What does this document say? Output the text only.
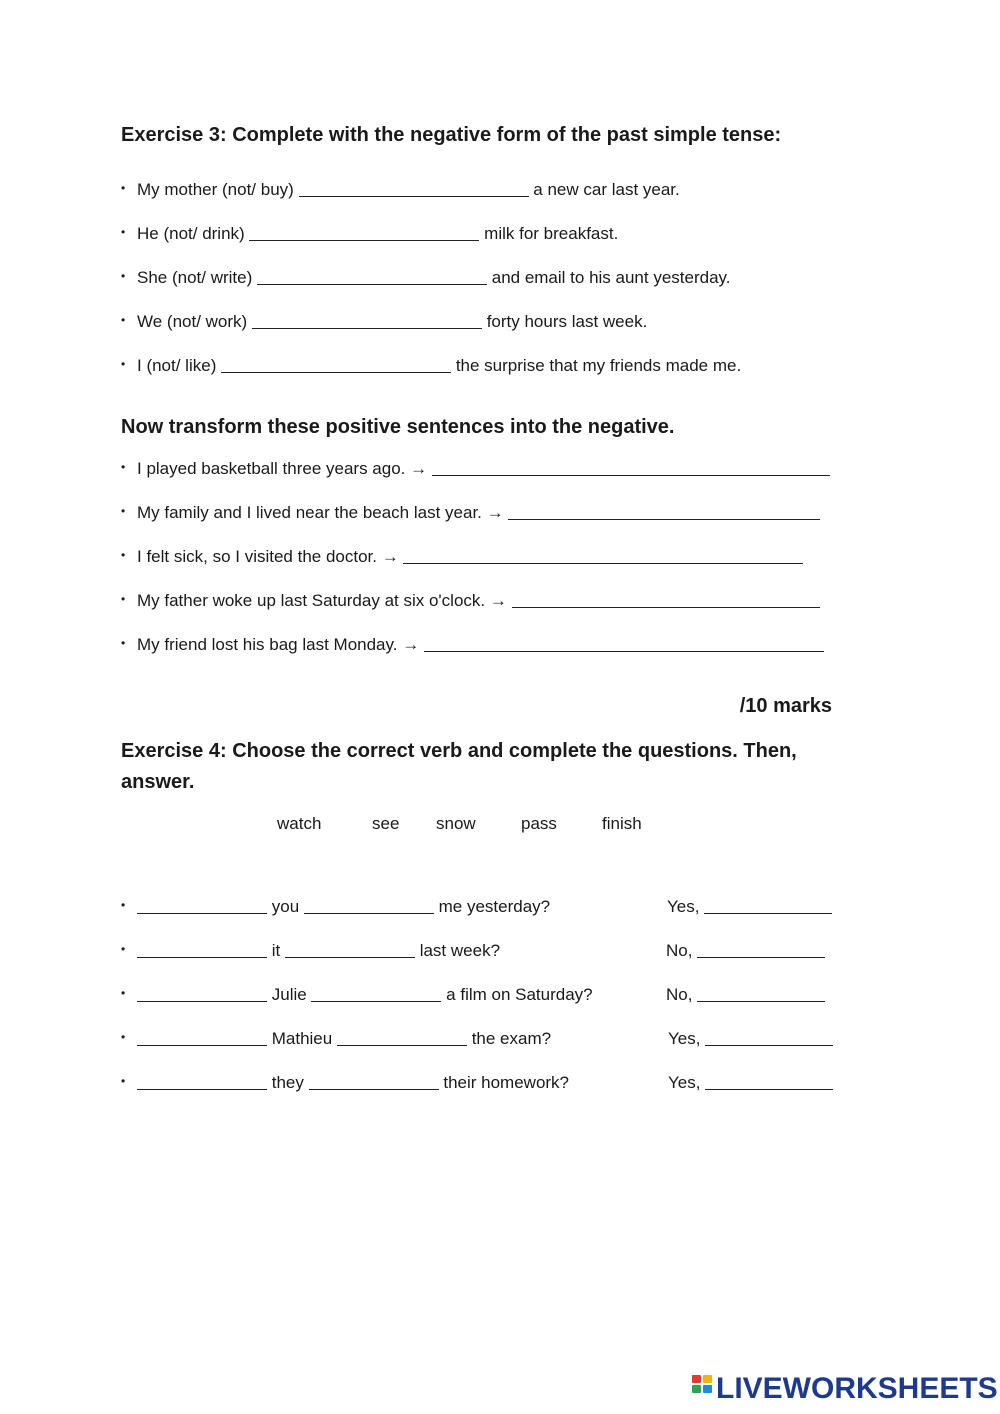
Exercise 3: Complete with the negative form of the past simple tense:
• My mother (not/ buy)	a new car last year.
• He (not/ drink)	milk for breakfast.
• She (not/ write)	and email to his aunt yesterday.
• We (not/ work)	forty hours last week.
• I (not/ like)	the surprise that my friends made me.
Now transform these positive sentences into the negative.
• I played basketball three years ago. →
• My family and I lived near the beach last year. →
• I felt sick, so I visited the doctor. →
• My father woke up last Saturday at six o'clock. →
• My friend lost his bag last Monday. →
/10 marks
Exercise 4: Choose the correct verb and complete the questions. Then,
answer.
watch	see snow	pass	finish
•	you	me yesterday?	Yes,
•	it	last week?	No,
•	Julie	a film on Saturday?	No,
•	Mathieu	the exam?	Yes,
•	they	their homework?	Yes,
LIVEWORKSHEETS
